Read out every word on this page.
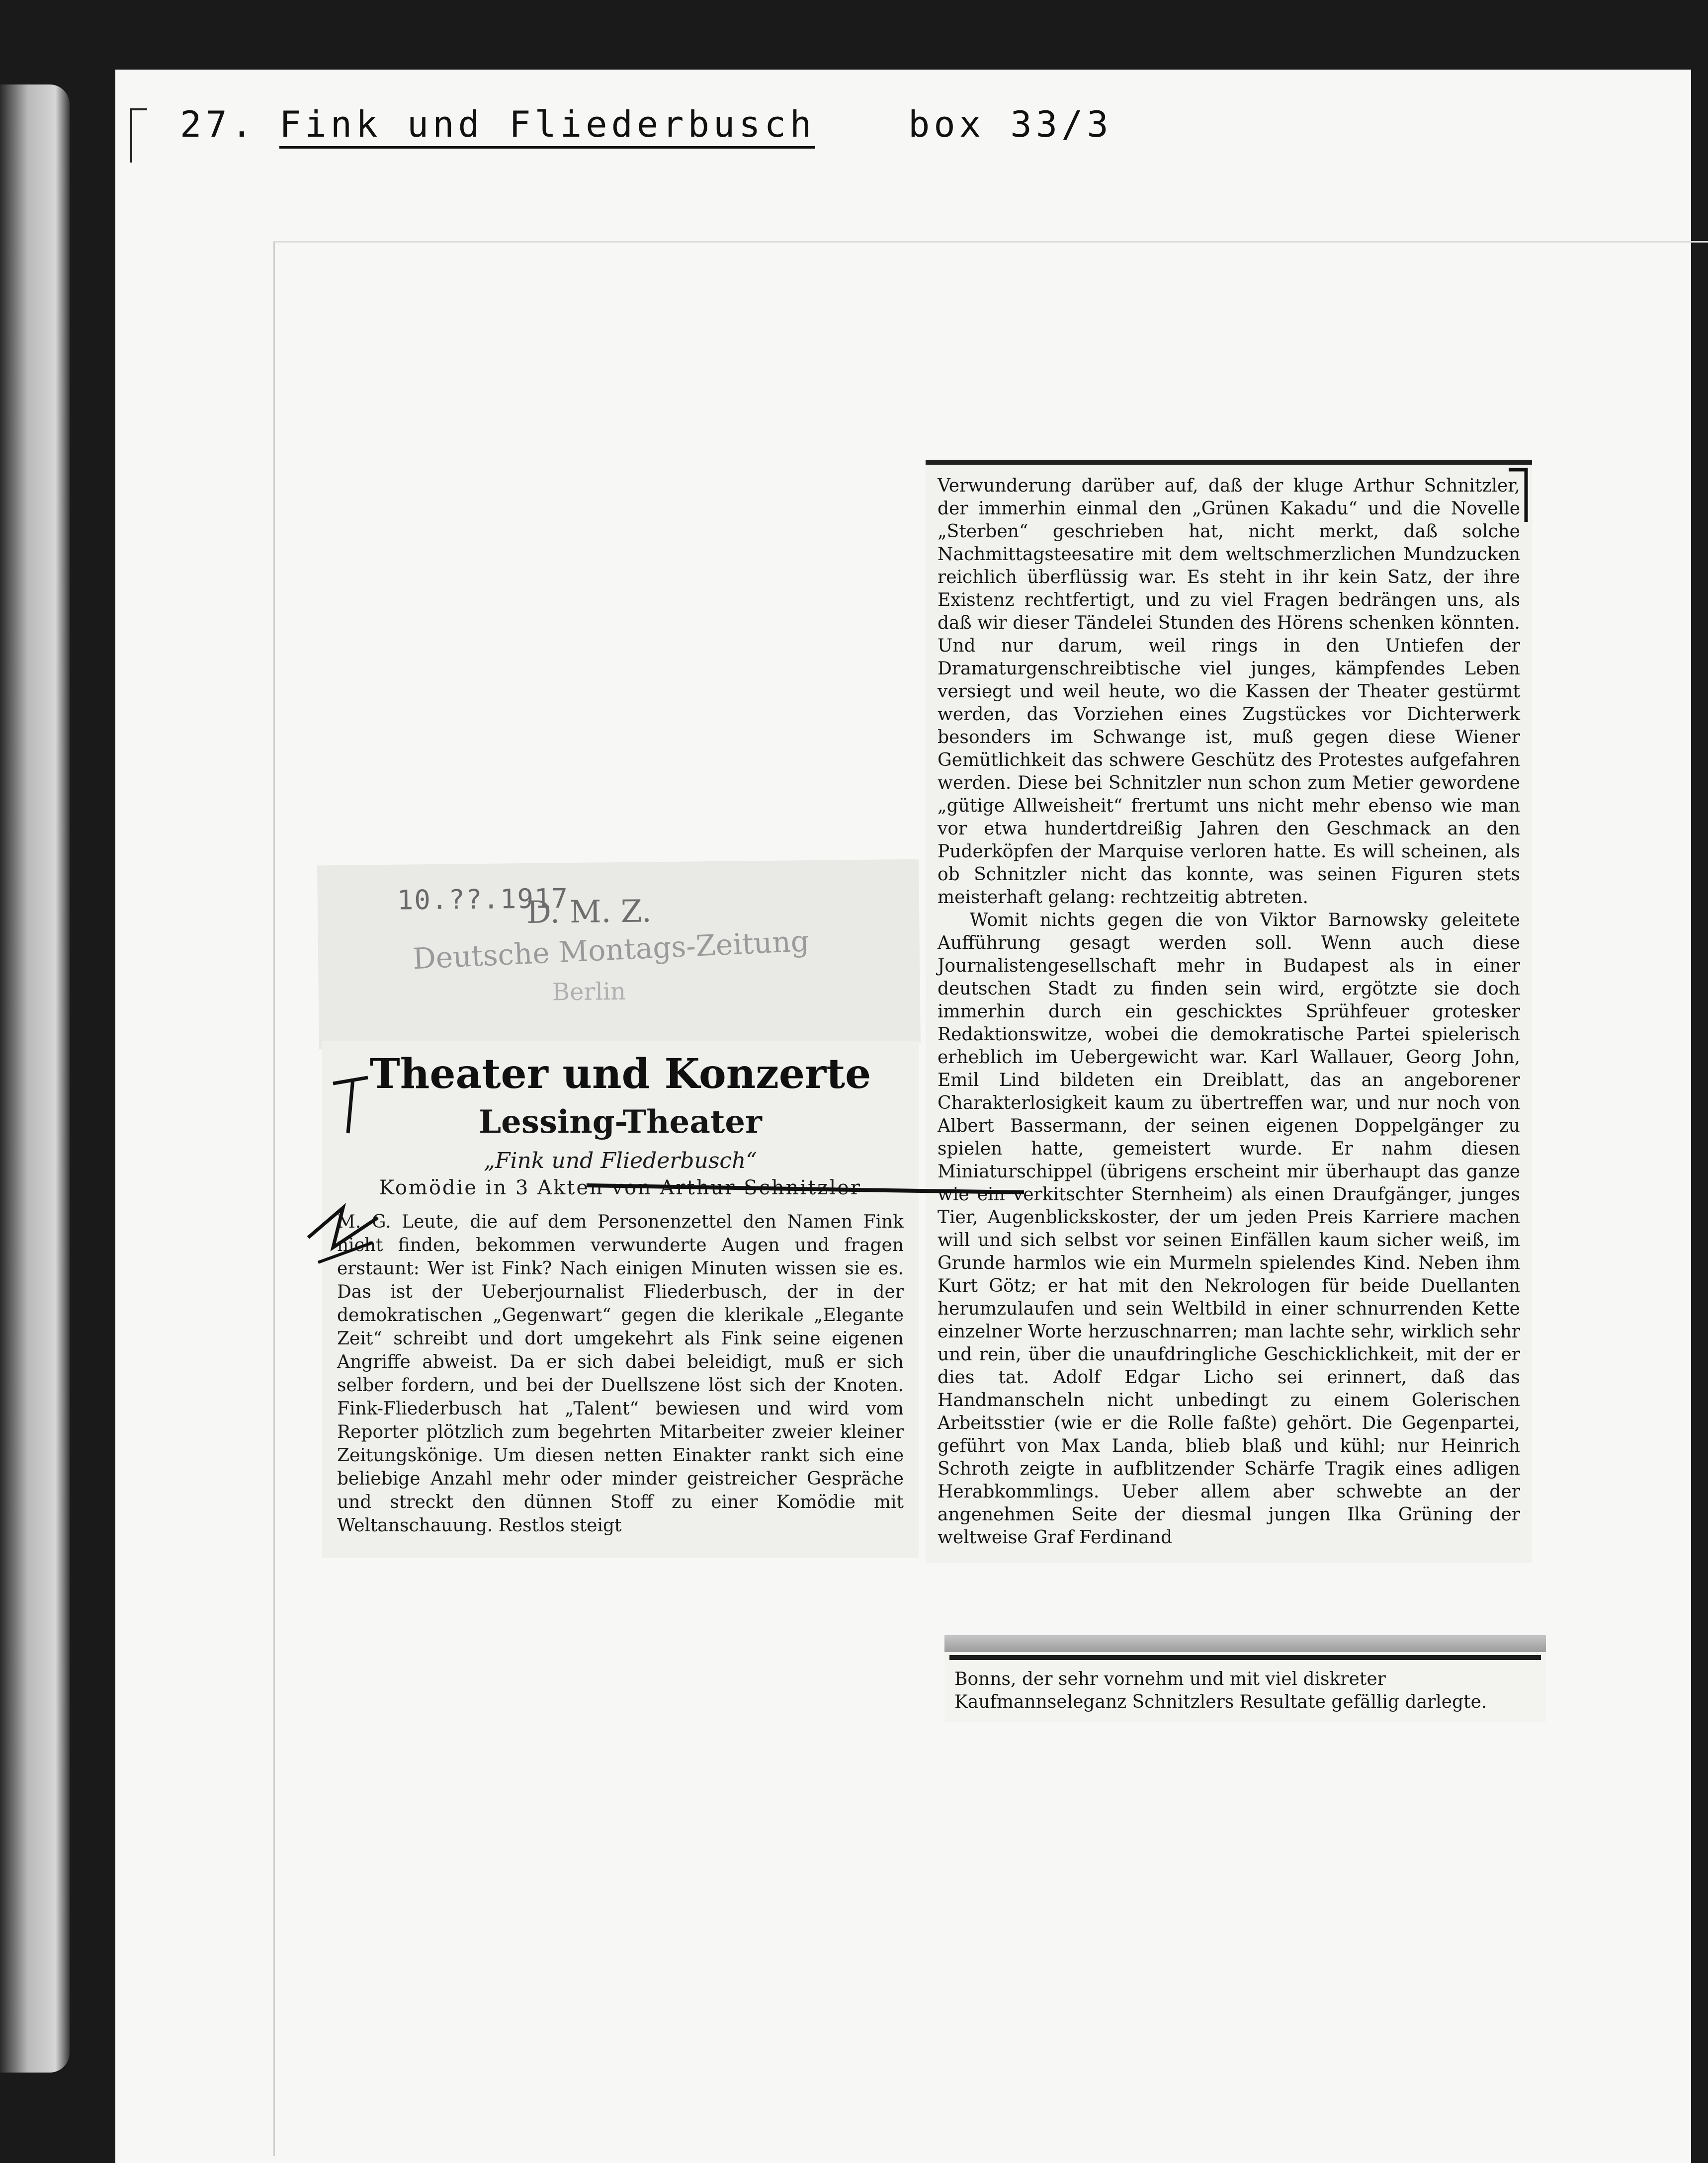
27. Fink und Fliederbusch	box 33/3
10.??.1917
D. M. Z.
Deutsche Montags-Zeitung
Berlin
Theater und Konzerte
Lessing-Theater
„Fink und Fliederbusch“
Komödie in 3 Akten von Arthur Schnitzler
M. G. Leute, die auf dem Personenzettel den Namen Fink nicht finden, bekommen verwunderte Augen und fragen erstaunt: Wer ist Fink? Nach einigen Minuten wissen sie es. Das ist der Ueberjournalist Fliederbusch, der in der demokratischen „Gegenwart“ gegen die klerikale „Elegante Zeit“ schreibt und dort umgekehrt als Fink seine eigenen Angriffe abweist. Da er sich dabei beleidigt, muß er sich selber fordern, und bei der Duellszene löst sich der Knoten. Fink-Fliederbusch hat „Talent“ bewiesen und wird vom Reporter plötzlich zum begehrten Mitarbeiter zweier kleiner Zeitungskönige. Um diesen netten Einakter rankt sich eine beliebige Anzahl mehr oder minder geistreicher Gespräche und streckt den dünnen Stoff zu einer Komödie mit Weltanschauung. Restlos steigt

Verwunderung darüber auf, daß der kluge Arthur Schnitzler, der immerhin einmal den „Grünen Kakadu“ und die Novelle „Sterben“ geschrieben hat, nicht merkt, daß solche Nachmittagsteesatire mit dem weltschmerzlichen Mundzucken reichlich überflüssig war. Es steht in ihr kein Satz, der ihre Existenz rechtfertigt, und zu viel Fragen bedrängen uns, als daß wir dieser Tändelei Stunden des Hörens schenken könnten. Und nur darum, weil rings in den Untiefen der Dramaturgenschreibtische viel junges, kämpfendes Leben versiegt und weil heute, wo die Kassen der Theater gestürmt werden, das Vorziehen eines Zugstückes vor Dichterwerk besonders im Schwange ist, muß gegen diese Wiener Gemütlichkeit das schwere Geschütz des Protestes aufgefahren werden. Diese bei Schnitzler nun schon zum Metier gewordene „gütige Allweisheit“ frertumt uns nicht mehr ebenso wie man vor etwa hundertdreißig Jahren den Geschmack an den Puderköpfen der Marquise verloren hatte. Es will scheinen, als ob Schnitzler nicht das konnte, was seinen Figuren stets meisterhaft gelang: rechtzeitig abtreten.

Womit nichts gegen die von Viktor Barnowsky geleitete Aufführung gesagt werden soll. Wenn auch diese Journalistengesellschaft mehr in Budapest als in einer deutschen Stadt zu finden sein wird, ergötzte sie doch immerhin durch ein geschicktes Sprühfeuer grotesker Redaktionswitze, wobei die demokratische Partei spielerisch erheblich im Uebergewicht war. Karl Wallauer, Georg John, Emil Lind bildeten ein Dreiblatt, das an angeborener Charakterlosigkeit kaum zu übertreffen war, und nur noch von Albert Bassermann, der seinen eigenen Doppelgänger zu spielen hatte, gemeistert wurde. Er nahm diesen Miniaturschippel (übrigens erscheint mir überhaupt das ganze wie ein verkitschter Sternheim) als einen Draufgänger, junges Tier, Augenblickskoster, der um jeden Preis Karriere machen will und sich selbst vor seinen Einfällen kaum sicher weiß, im Grunde harmlos wie ein Murmeln spielendes Kind. Neben ihm Kurt Götz; er hat mit den Nekrologen für beide Duellanten herumzulaufen und sein Weltbild in einer schnurrenden Kette einzelner Worte herzuschnarren; man lachte sehr, wirklich sehr und rein, über die unaufdringliche Geschicklichkeit, mit der er dies tat. Adolf Edgar Licho sei erinnert, daß das Handmanscheln nicht unbedingt zu einem Golerischen Arbeitsstier (wie er die Rolle faßte) gehört. Die Gegenpartei, geführt von Max Landa, blieb blaß und kühl; nur Heinrich Schroth zeigte in aufblitzender Schärfe Tragik eines adligen Herabkommlings. Ueber allem aber schwebte an der angenehmen Seite der diesmal jungen Ilka Grüning der weltweise Graf Ferdinand

Bonns, der sehr vornehm und mit viel diskreter Kaufmannseleganz Schnitzlers Resultate gefällig darlegte.
